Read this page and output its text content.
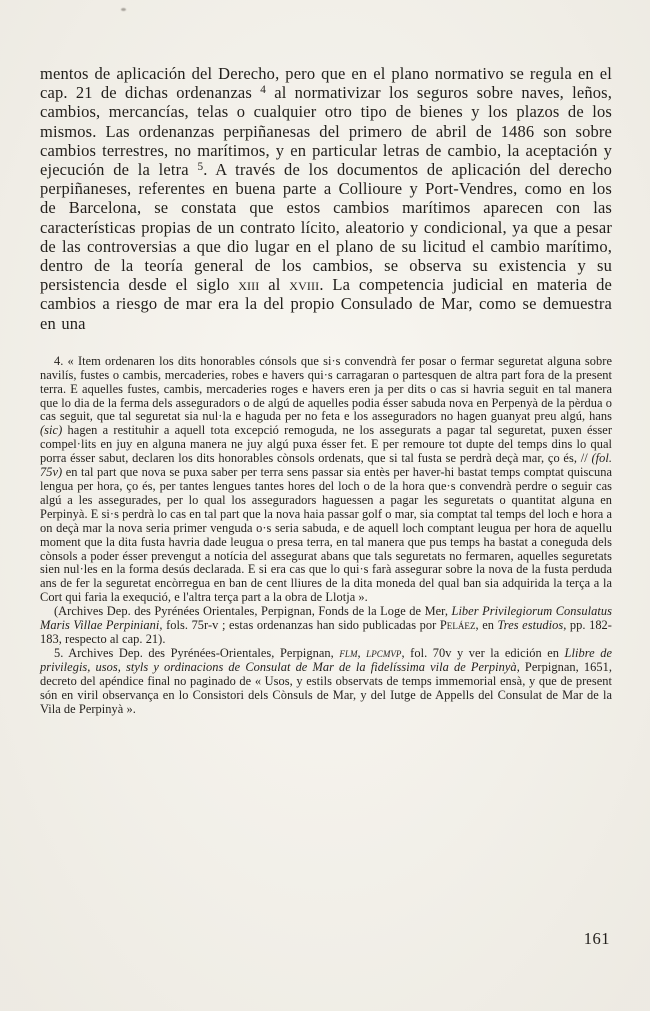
mentos de aplicación del Derecho, pero que en el plano normativo se regula en el cap. 21 de dichas ordenanzas $^4$ al normativizar los seguros sobre naves, leños, cambios, mercancías, telas o cualquier otro tipo de bienes y los plazos de los mismos. Las ordenanzas perpiñanesas del primero de abril de 1486 son sobre cambios terrestres, no marítimos, y en particular letras de cambio, la aceptación y ejecución de la letra $^5$. A través de los documentos de aplicación del derecho perpiñaneses, referentes en buena parte a Collioure y Port-Vendres, como en los de Barcelona, se constata que estos cambios marítimos aparecen con las características propias de un contrato lícito, aleatorio y condicional, ya que a pesar de las controversias a que dio lugar en el plano de su licitud el cambio marítimo, dentro de la teoría general de los cambios, se observa su existencia y su persistencia desde el siglo xiii al xviii. La competencia judicial en materia de cambios a riesgo de mar era la del propio Consulado de Mar, como se demuestra en una

4. « Item ordenaren los dits honorables cónsols que si·s convendrà fer posar o fermar seguretat alguna sobre navilís, fustes o cambis, mercaderies, robes e havers qui·s carragaran o partesquen de altra part fora de la present terra. E aquelles fustes, cambis, mercaderies roges e havers eren ja per dits o cas si havria seguit en tal manera que lo dia de la ferma dels asseguradors o de algú de aquelles podia ésser sabuda nova en Perpenyà de la pèrdua o cas seguit, que tal seguretat sia nul·la e haguda per no feta e los asseguradors no hagen guanyat preu algú, hans (sic) hagen a restituhir a aquell tota excepció remoguda, ne los assegurats a pagar tal seguretat, puxen ésser compel·lits en juy en alguna manera ne juy algú puxa ésser fet. E per remoure tot dupte del temps dins lo qual porra ésser sabut, declaren los dits honorables cònsols ordenats, que si tal fusta se perdrà deçà mar, ço és, // (fol. 75v) en tal part que nova se puxa saber per terra sens passar sia entès per haver-hi bastat temps comptat quiscuna lengua per hora, ço és, per tantes lengues tantes hores del loch o de la hora que·s convendrà perdre o seguir cas algú a les assegurades, per lo qual los asseguradors haguessen a pagar les seguretats o quantitat alguna en Perpinyà. E si·s perdrà lo cas en tal part que la nova haia passar golf o mar, sia comptat tal temps del loch e hora a on deçà mar la nova seria primer venguda o·s seria sabuda, e de aquell loch comptant leugua per hora de aquellu moment que la dita fusta havria dade leugua o presa terra, en tal manera que pus temps ha bastat a coneguda dels cònsols a poder ésser prevengut a notícia del assegurat abans que tals seguretats no fermaren, aquelles seguretats sien nul·les en la forma desús declarada. E si era cas que lo qui·s farà assegurar sobre la nova de la fusta perduda ans de fer la seguretat encòrregua en ban de cent lliures de la dita moneda del qual ban sia adquirida la terça a la Cort qui faria la exequció, e l'altra terça part a la obra de Llotja ».

(Archives Dep. des Pyrénées Orientales, Perpignan, Fonds de la Loge de Mer, Liber Privilegiorum Consulatus Maris Villae Perpiniani, fols. 75r-v ; estas ordenanzas han sido publicadas por Peláez, en Tres estudios, pp. 182-183, respecto al cap. 21).

5. Archives Dep. des Pyrénées-Orientales, Perpignan, flm, lpcmvp, fol. 70v y ver la edición en Llibre de privilegis, usos, styls y ordinacions de Consulat de Mar de la fidelíssima vila de Perpinyà, Perpignan, 1651, decreto del apéndice final no paginado de « Usos, y estils observats de temps immemorial ensà, y que de present són en viril observança en lo Consistori dels Cònsuls de Mar, y del Iutge de Appells del Consulat de Mar de la Vila de Perpinyà ».

161
